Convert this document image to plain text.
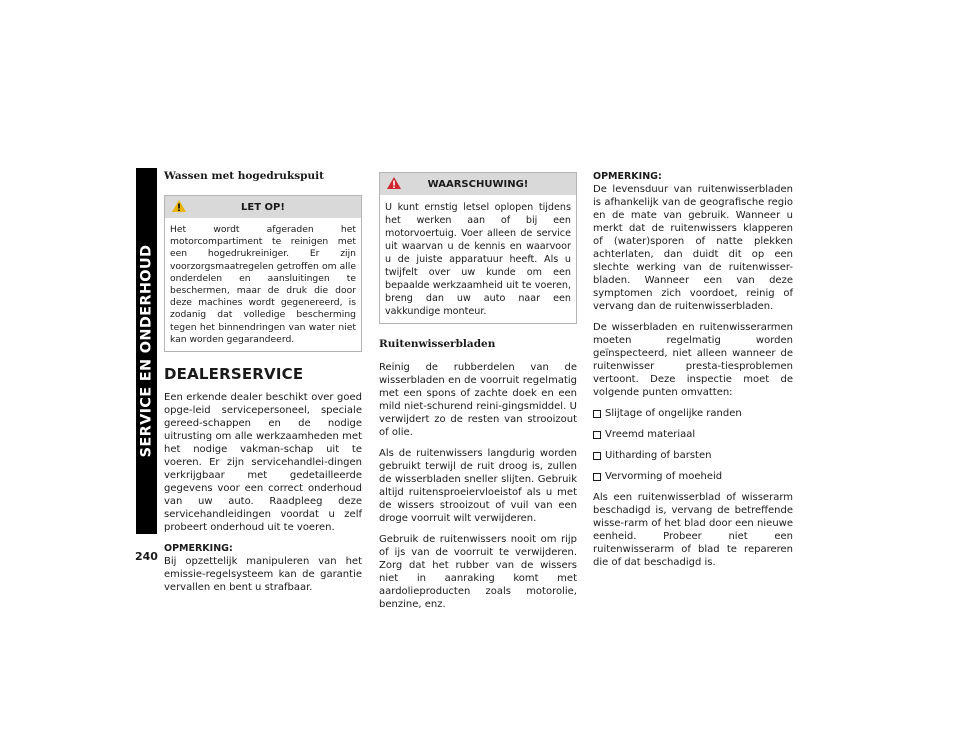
SERVICE EN ONDERHOUD
240
Wassen met hogedrukspuit
LET OP!
Het wordt afgeraden het motorcompartiment te reinigen met een hogedrukreiniger. Er zijn voorzorgsmaatregelen getroffen om alle onderdelen en aansluitingen te beschermen, maar de druk die door deze machines wordt gegenereerd, is zodanig dat volledige bescherming tegen het binnendringen van water niet kan worden gegarandeerd.
DEALERSERVICE

Een erkende dealer beschikt over goed opge-leid servicepersoneel, speciale gereed-schappen en de nodige uitrusting om alle werkzaamheden met het nodige vakman-schap uit te voeren. Er zijn servicehandlei-dingen verkrijgbaar met gedetailleerde gegevens voor een correct onderhoud van uw auto. Raadpleeg deze servicehandleidingen voordat u zelf probeert onderhoud uit te voeren.

OPMERKING:

Bij opzettelijk manipuleren van het emissie-regelsysteem kan de garantie vervallen en bent u strafbaar.

WAARSCHUWING!
U kunt ernstig letsel oplopen tijdens het werken aan of bij een motorvoertuig. Voer alleen de service uit waarvan u de kennis en waarvoor u de juiste apparatuur heeft. Als u twijfelt over uw kunde om een bepaalde werkzaamheid uit te voeren, breng dan uw auto naar een vakkundige monteur.
Ruitenwisserbladen

Reinig de rubberdelen van de wisserbladen en de voorruit regelmatig met een spons of zachte doek en een mild niet-schurend reini-gingsmiddel. U verwijdert zo de resten van strooizout of olie.

Als de ruitenwissers langdurig worden gebruikt terwijl de ruit droog is, zullen de wisserbladen sneller slijten. Gebruik altijd ruitensproeiervloeistof als u met de wissers strooizout of vuil van een droge voorruit wilt verwijderen.

Gebruik de ruitenwissers nooit om rijp of ijs van de voorruit te verwijderen. Zorg dat het rubber van de wissers niet in aanraking komt met aardolieproducten zoals motorolie, benzine, enz.

OPMERKING:

De levensduur van ruitenwisserbladen is afhankelijk van de geografische regio en de mate van gebruik. Wanneer u merkt dat de ruitenwissers klapperen of (water)sporen of natte plekken achterlaten, dan duidt dit op een slechte werking van de ruitenwisser-bladen. Wanneer een van deze symptomen zich voordoet, reinig of vervang dan de ruitenwisserbladen.

De wisserbladen en ruitenwisserarmen moeten regelmatig worden geïnspecteerd, niet alleen wanneer de ruitenwisser presta-tiesproblemen vertoont. Deze inspectie moet de volgende punten omvatten:

Slijtage of ongelijke randen
Vreemd materiaal
Uitharding of barsten
Vervorming of moeheid

Als een ruitenwisserblad of wisserarm beschadigd is, vervang de betreffende wisse-rarm of het blad door een nieuwe eenheid. Probeer niet een ruitenwisserarm of blad te repareren die of dat beschadigd is.
